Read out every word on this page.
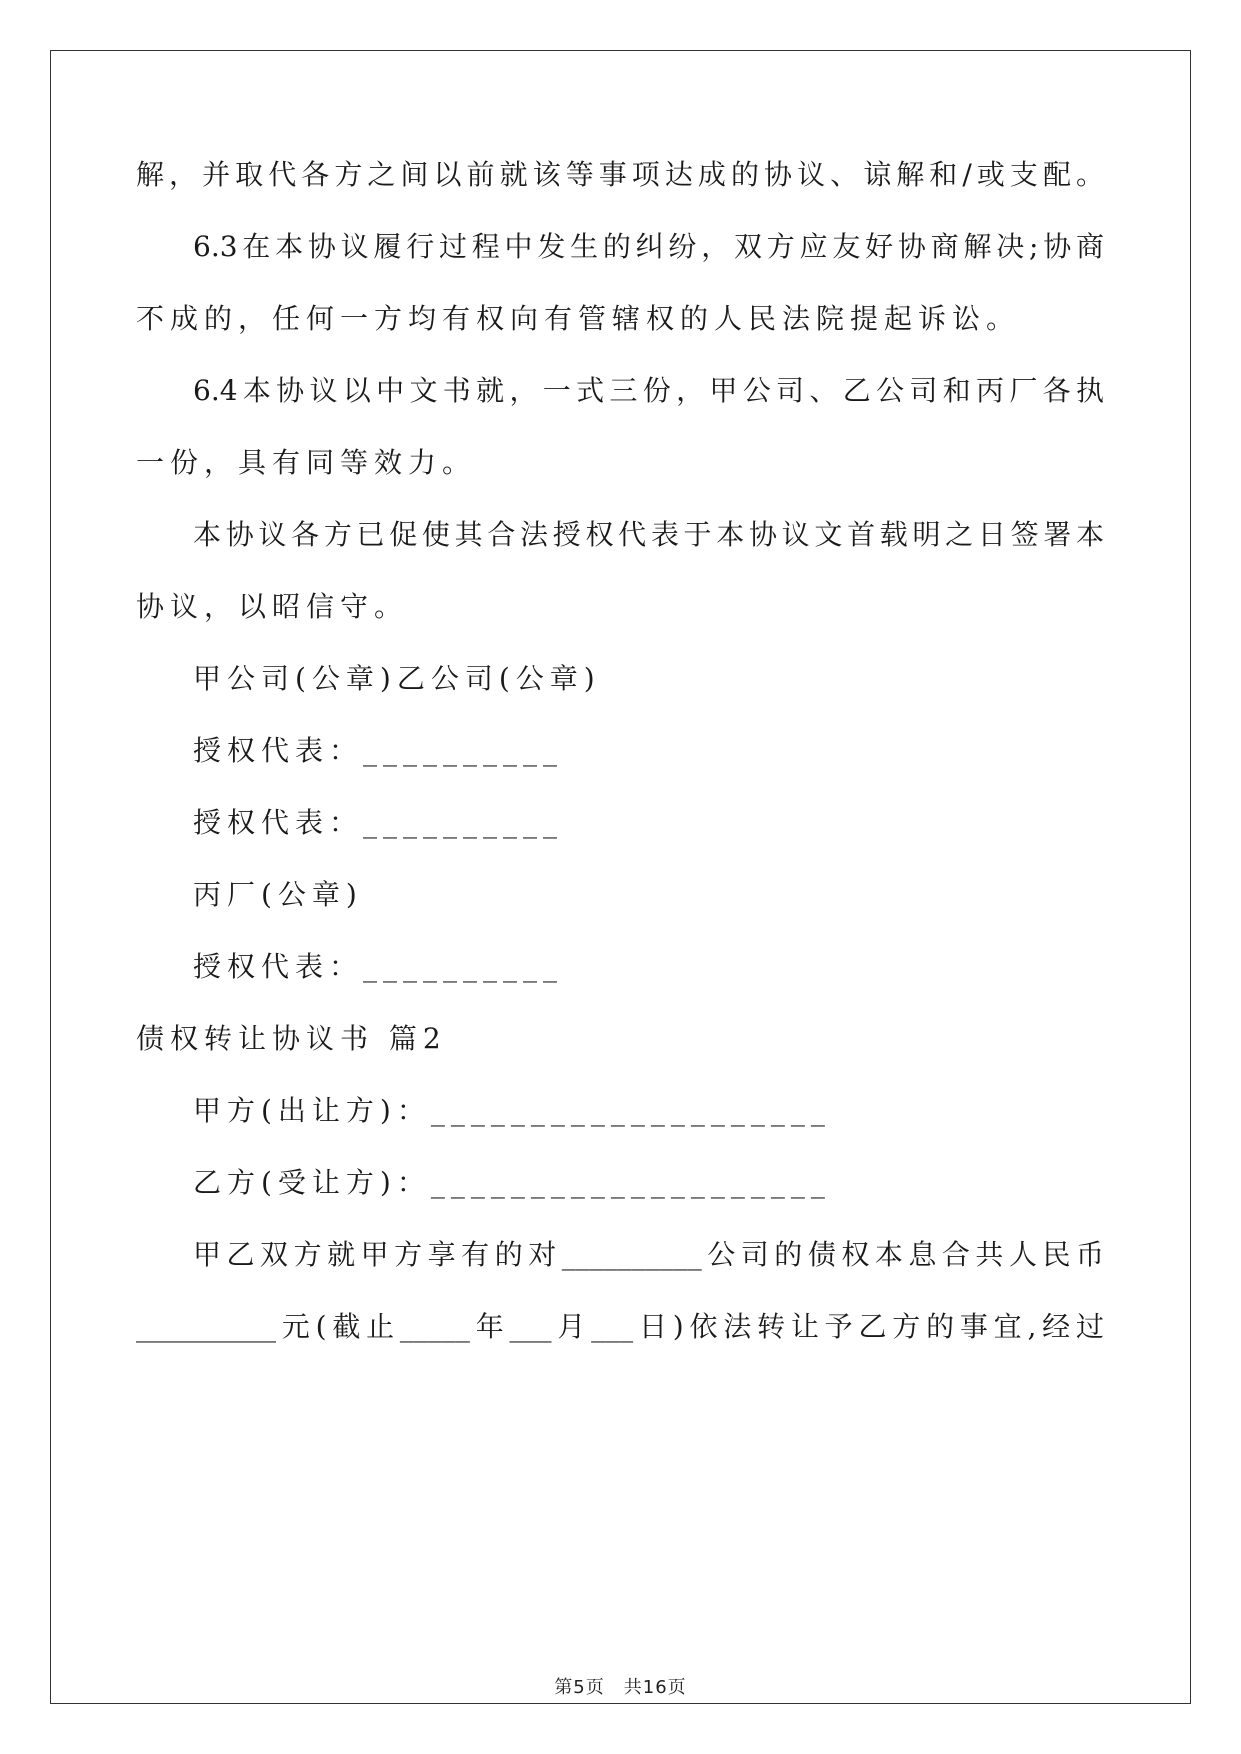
解，并取代各方之间以前就该等事项达成的协议、谅解和/或支配。
6.3在本协议履行过程中发生的纠纷，双方应友好协商解决;协商
不成的，任何一方均有权向有管辖权的人民法院提起诉讼。
6.4本协议以中文书就，一式三份，甲公司、乙公司和丙厂各执
一份，具有同等效力。
本协议各方已促使其合法授权代表于本协议文首载明之日签署本
协议，以昭信守。
甲公司(公章)乙公司(公章)
授权代表：__________
授权代表：__________
丙厂(公章)
授权代表：__________
债权转让协议书 篇2
甲方(出让方)：____________________
乙方(受让方)：____________________
甲乙双方就甲方享有的对__________公司的债权本息合共人民币
__________元(截止_____年___月___日)依法转让予乙方的事宜,经过
第5页　共16页
